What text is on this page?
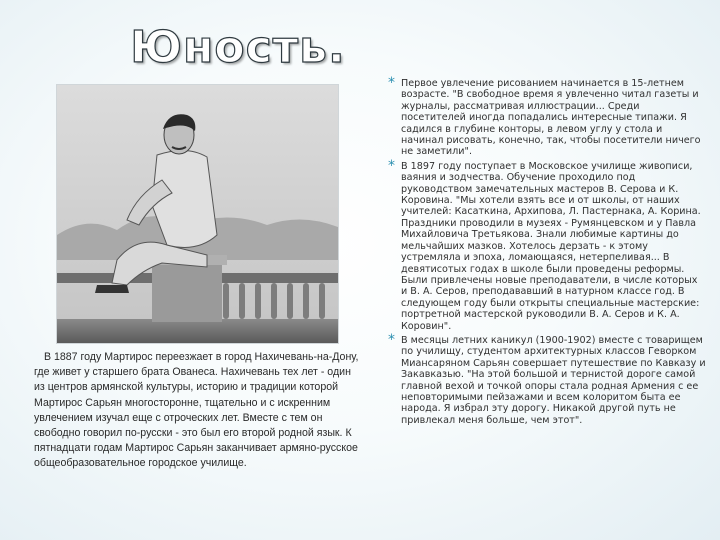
Юность.

В 1887 году Мартирос переезжает в город Нахичевань-на-Дону, где живет у старшего брата Ованеса. Нахичевань тех лет - один из центров армянской культуры, историю и традиции которой Мартирос Сарьян многосторонне, тщательно и с искренним увлечением изучал еще с отроческих лет. Вместе с тем он свободно говорил по-русски - это был его второй родной язык. К пятнадцати годам Мартирос Сарьян заканчивает армяно-русское общеобразовательное городское училище.

* Первое увлечение рисованием начинается в 15-летнем возрасте. "В свободное время я увлеченно читал газеты и журналы, рассматривая иллюстрации... Среди посетителей иногда попадались интересные типажи. Я садился в глубине конторы, в левом углу у стола и начинал рисовать, конечно, так, чтобы посетители ничего не заметили".
* В 1897 году поступает в Московское училище живописи, ваяния и зодчества. Обучение проходило под руководством замечательных мастеров В. Серова и К. Коровина. "Мы хотели взять все и от школы, от наших учителей: Касаткина, Архипова, Л. Пастернака, А. Корина. Праздники проводили в музеях - Румянцевском и у Павла Михайловича Третьякова. Знали любимые картины до мельчайших мазков. Хотелось дерзать - к этому устремляла и эпоха, ломающаяся, нетерпеливая... В девятисотых годах в школе были проведены реформы. Были привлечены новые преподаватели, в числе которых и В. А. Серов, преподававший в натурном классе год. В следующем году были открыты специальные мастерские: портретной мастерской руководили В. А. Серов и К. А. Коровин".
* В месяцы летних каникул (1900-1902) вместе с товарищем по училищу, студентом архитектурных классов Геворком Миансаряном Сарьян совершает путешествие по Кавказу и Закавказью. "На этой большой и тернистой дороге самой главной вехой и точкой опоры стала родная Армения с ее неповторимыми пейзажами и всем колоритом быта ее народа. Я избрал эту дорогу. Никакой другой путь не привлекал меня больше, чем этот".
